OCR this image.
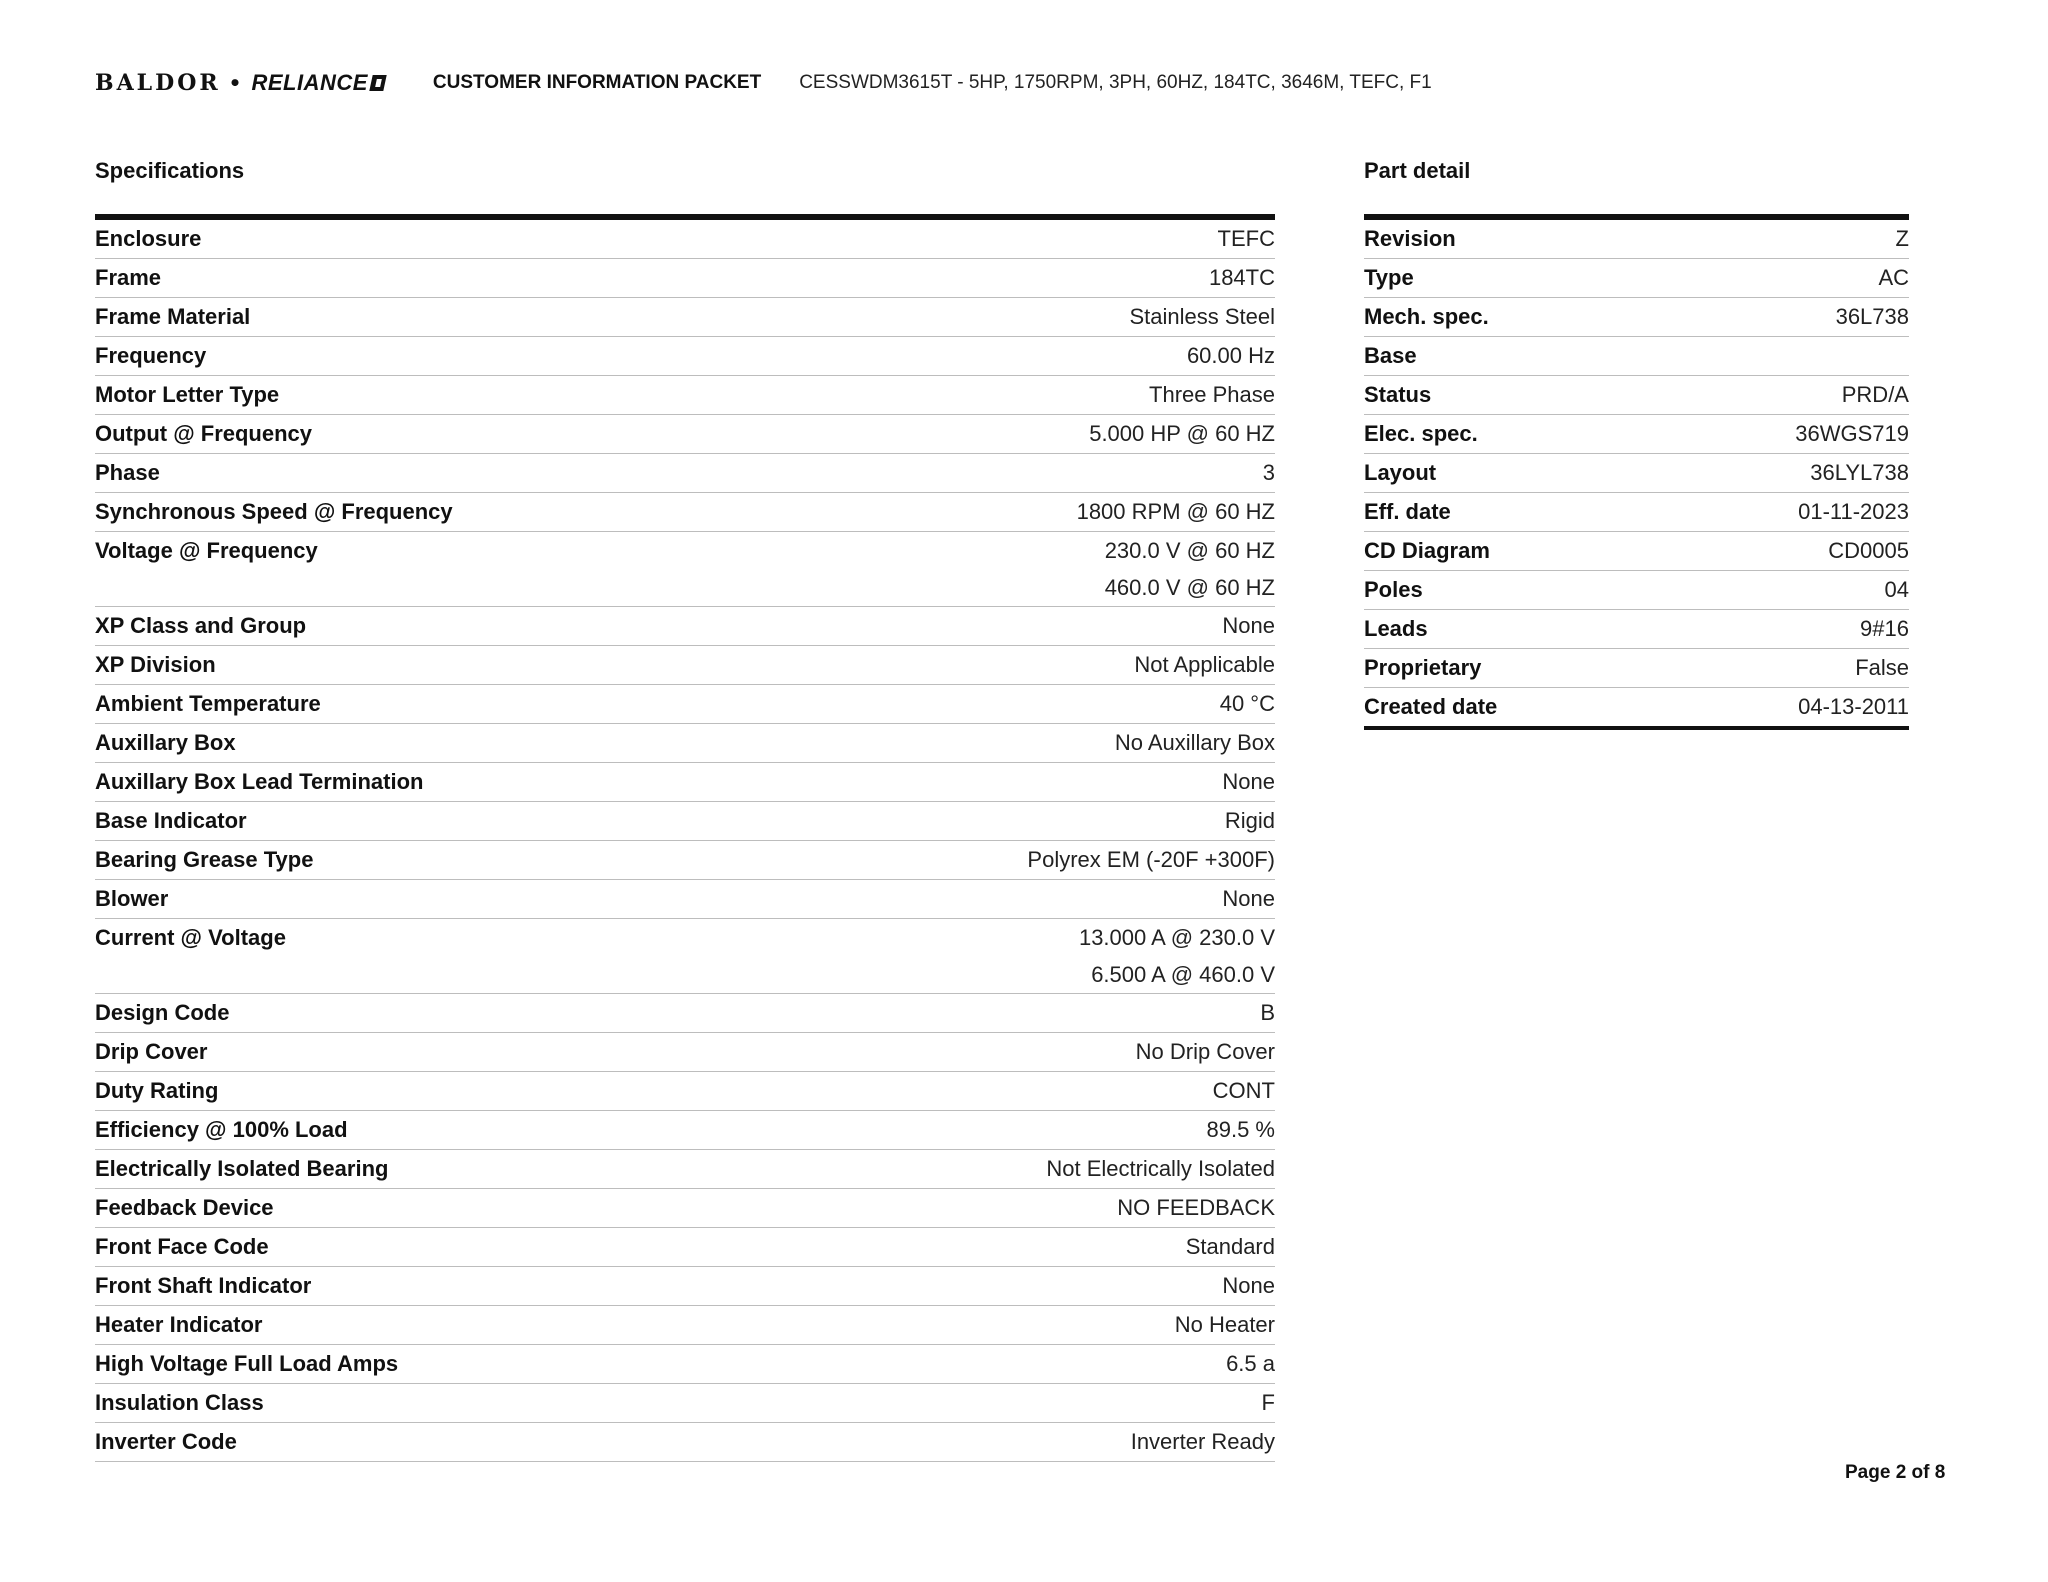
BALDOR • RELIANCE	CUSTOMER INFORMATION PACKET CESSWDM3615T - 5HP, 1750RPM, 3PH, 60HZ, 184TC, 3646M, TEFC, F1
Specifications
Enclosure	TEFC
Frame	184TC
Frame Material	Stainless Steel
Frequency	60.00 Hz
Motor Letter Type	Three Phase
Output @ Frequency	5.000 HP @ 60 HZ
Phase	3
Synchronous Speed @ Frequency	1800 RPM @ 60 HZ
Voltage @ Frequency	230.0 V @ 60 HZ
460.0 V @ 60 HZ
XP Class and Group	None
XP Division	Not Applicable
Ambient Temperature	40 °C
Auxillary Box	No Auxillary Box
Auxillary Box Lead Termination	None
Base Indicator	Rigid
Bearing Grease Type	Polyrex EM (-20F +300F)
Blower	None
Current @ Voltage	13.000 A @ 230.0 V
6.500 A @ 460.0 V
Design Code	B
Drip Cover	No Drip Cover
Duty Rating	CONT
Efficiency @ 100% Load	89.5 %
Electrically Isolated Bearing	Not Electrically Isolated
Feedback Device	NO FEEDBACK
Front Face Code	Standard
Front Shaft Indicator	None
Heater Indicator	No Heater
High Voltage Full Load Amps	6.5 a
Insulation Class	F
Inverter Code	Inverter Ready
Part detail
Revision	Z
Type	AC
Mech. spec.	36L738
Base
Status	PRD/A
Elec. spec.	36WGS719
Layout	36LYL738
Eff. date	01-11-2023
CD Diagram	CD0005
Poles	04
Leads	9#16
Proprietary	False
Created date	04-13-2011
Page 2 of 8
